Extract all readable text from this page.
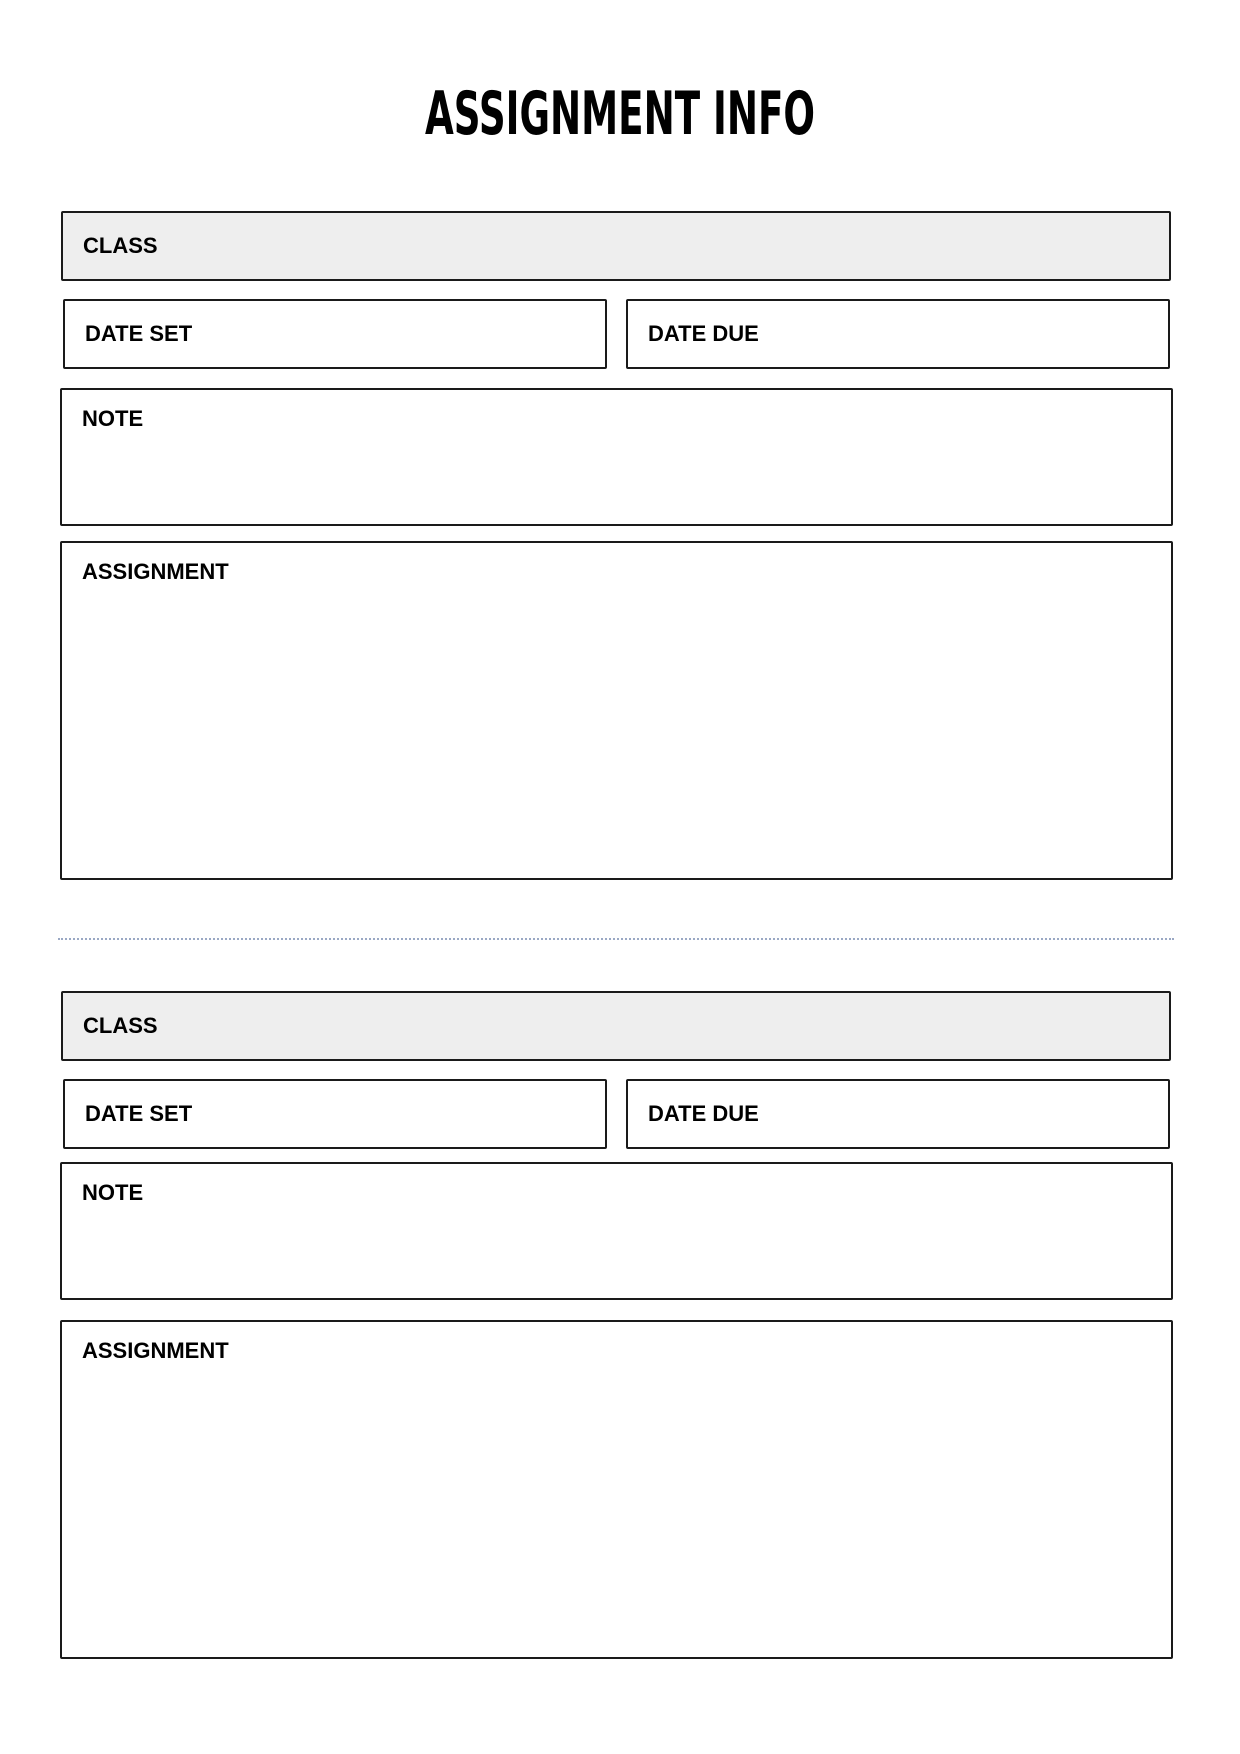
ASSIGNMENT INFO
CLASS
DATE SET	DATE DUE
NOTE
ASSIGNMENT
CLASS
DATE SET	DATE DUE
NOTE
ASSIGNMENT
